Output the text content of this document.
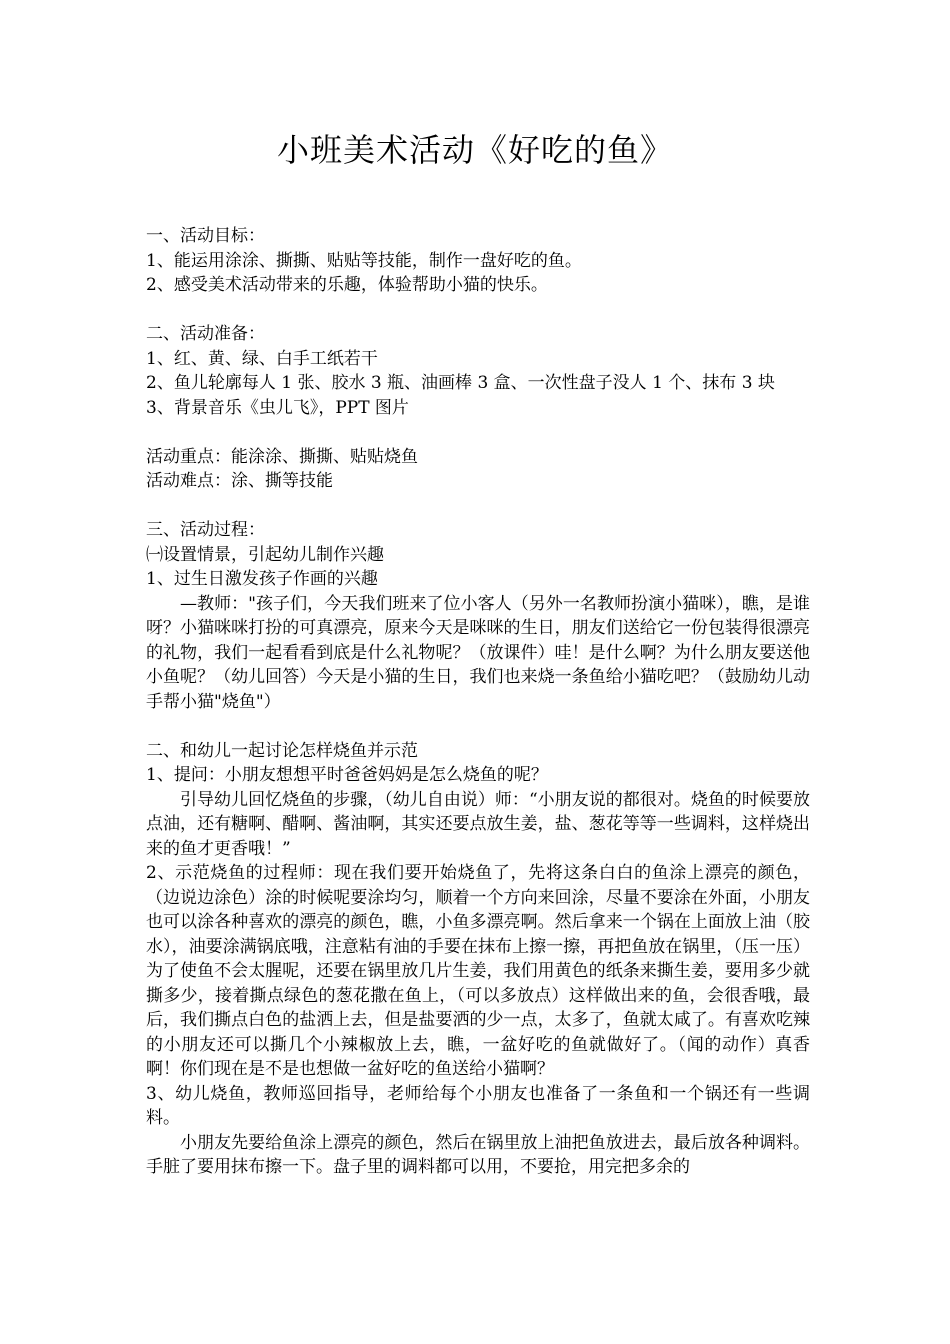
小班美术活动《好吃的鱼》

一、活动目标：

1、能运用涂涂、撕撕、贴贴等技能，制作一盘好吃的鱼。

2、感受美术活动带来的乐趣，体验帮助小猫的快乐。

二、活动准备：

1、红、黄、绿、白手工纸若干

2、鱼儿轮廓每人 1 张、胶水 3 瓶、油画棒 3 盒、一次性盘子没人 1 个、抹布 3 块

3、背景音乐《虫儿飞》，PPT 图片

活动重点：能涂涂、撕撕、贴贴烧鱼

活动难点：涂、撕等技能

三、活动过程：

㈠设置情景，引起幼儿制作兴趣

1、过生日激发孩子作画的兴趣

—教师："孩子们，今天我们班来了位小客人（另外一名教师扮演小猫咪），瞧，是谁呀？小猫咪咪打扮的可真漂亮，原来今天是咪咪的生日，朋友们送给它一份包装得很漂亮的礼物，我们一起看看到底是什么礼物呢？（放课件）哇！是什么啊？为什么朋友要送他小鱼呢？（幼儿回答）今天是小猫的生日，我们也来烧一条鱼给小猫吃吧？（鼓励幼儿动手帮小猫"烧鱼"）

二、和幼儿一起讨论怎样烧鱼并示范

1、提问：小朋友想想平时爸爸妈妈是怎么烧鱼的呢？

引导幼儿回忆烧鱼的步骤，（幼儿自由说）师：“小朋友说的都很对。烧鱼的时候要放点油，还有糖啊、醋啊、酱油啊，其实还要点放生姜，盐、葱花等等一些调料，这样烧出来的鱼才更香哦！”

2、示范烧鱼的过程师：现在我们要开始烧鱼了，先将这条白白的鱼涂上漂亮的颜色，（边说边涂色）涂的时候呢要涂均匀，顺着一个方向来回涂，尽量不要涂在外面，小朋友也可以涂各种喜欢的漂亮的颜色，瞧，小鱼多漂亮啊。然后拿来一个锅在上面放上油（胶水），油要涂满锅底哦，注意粘有油的手要在抹布上擦一擦，再把鱼放在锅里，（压一压）为了使鱼不会太腥呢，还要在锅里放几片生姜，我们用黄色的纸条来撕生姜，要用多少就撕多少，接着撕点绿色的葱花撒在鱼上，（可以多放点）这样做出来的鱼，会很香哦，最后，我们撕点白色的盐洒上去，但是盐要洒的少一点，太多了，鱼就太咸了。有喜欢吃辣的小朋友还可以撕几个小辣椒放上去，瞧，一盆好吃的鱼就做好了。（闻的动作）真香啊！你们现在是不是也想做一盆好吃的鱼送给小猫啊？

3、幼儿烧鱼，教师巡回指导，老师给每个小朋友也准备了一条鱼和一个锅还有一些调料。

小朋友先要给鱼涂上漂亮的颜色，然后在锅里放上油把鱼放进去，最后放各种调料。手脏了要用抹布擦一下。盘子里的调料都可以用，不要抢，用完把多余的
